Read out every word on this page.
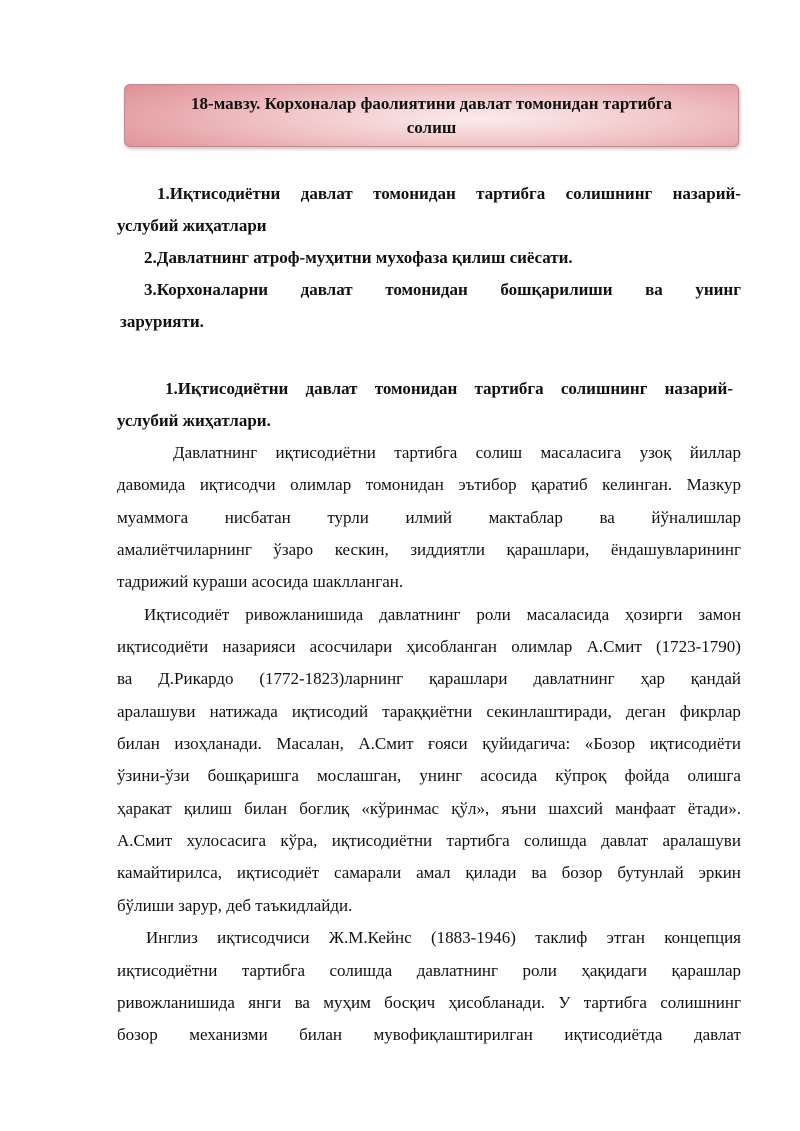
18-мавзу. Корхоналар фаолиятини давлат томонидан тартибга
солиш
1.Иқтисодиётни давлат томонидан тартибга солишнинг назарий-
услубий жиҳатлари
2.Давлатнинг атроф-муҳитни мухофаза қилиш сиёсати.
3.Корхоналарни давлат томонидан бошқарилиши ва унинг
зарурияти.
1.Иқтисодиётни давлат томонидан тартибга солишнинг назарий-
услубий жиҳатлари.
Давлатнинг иқтисодиётни тартибга солиш масаласига узоқ йиллар
давомида иқтисодчи олимлар томонидан эътибор қаратиб келинган. Мазкур
муаммога нисбатан турли илмий мактаблар ва йўналишлар
амалиётчиларнинг ўзаро кескин, зиддиятли қарашлари, ёндашувларининг
тадрижий кураши асосида шаклланган.
Иқтисодиёт ривожланишида давлатнинг роли масаласида ҳозирги замон
иқтисодиёти назарияси асосчилари ҳисобланган олимлар А.Смит (1723-1790)
ва Д.Рикардо (1772-1823)ларнинг қарашлари давлатнинг ҳар қандай
аралашуви натижада иқтисодий тараққиётни секинлаштиради, деган фикрлар
билан изоҳланади. Масалан, А.Смит ғояси қуйидагича: «Бозор иқтисодиёти
ўзини-ўзи бошқаришга мослашган, унинг асосида кўпроқ фойда олишга
ҳаракат қилиш билан боғлиқ «кўринмас қўл», яъни шахсий манфаат ётади».
А.Смит хулосасига кўра, иқтисодиётни тартибга солишда давлат аралашуви
камайтирилса, иқтисодиёт самарали амал қилади ва бозор бутунлай эркин
бўлиши зарур, деб таъкидлайди.
Инглиз иқтисодчиси Ж.М.Кейнс (1883-1946) таклиф этган концепция
иқтисодиётни тартибга солишда давлатнинг роли ҳақидаги қарашлар
ривожланишида янги ва муҳим босқич ҳисобланади. У тартибга солишнинг
бозор механизми билан мувофиқлаштирилган иқтисодиётда давлат
